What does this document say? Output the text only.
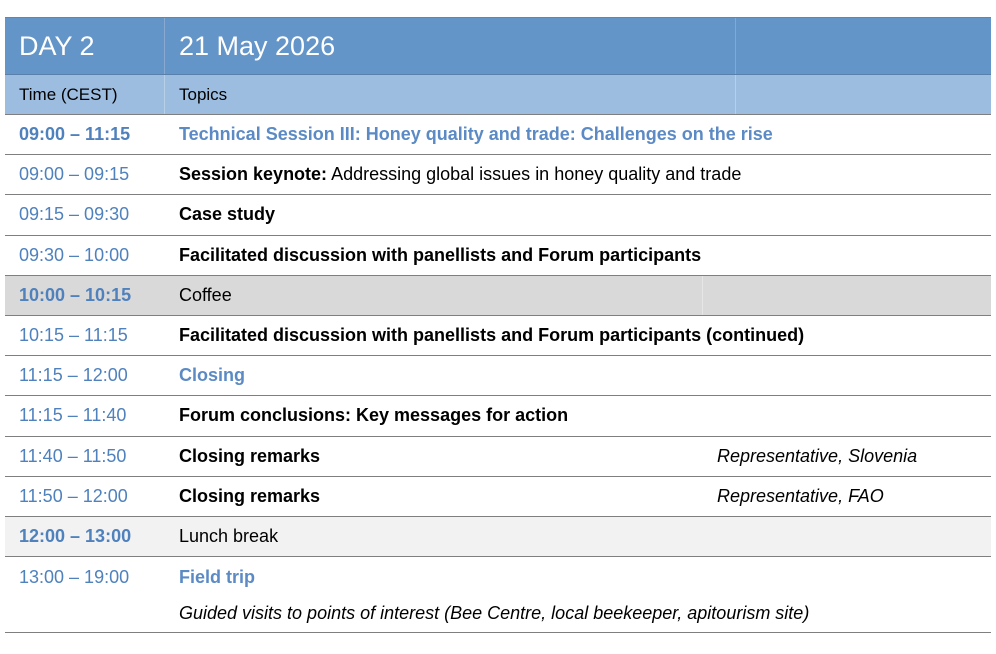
DAY 2	21 May 2026
Time (CEST)	Topics
09:00 – 11:15	Technical Session III: Honey quality and trade: Challenges on the rise
09:00 – 09:15	Session keynote: Addressing global issues in honey quality and trade
09:15 – 09:30	Case study
09:30 – 10:00	Facilitated discussion with panellists and Forum participants
10:00 – 10:15	Coffee
10:15 – 11:15	Facilitated discussion with panellists and Forum participants (continued)
11:15 – 12:00	Closing
11:15 – 11:40	Forum conclusions: Key messages for action
11:40 – 11:50	Closing remarks	Representative, Slovenia
11:50 – 12:00	Closing remarks	Representative, FAO
12:00 – 13:00	Lunch break
13:00 – 19:00	Field trip
Guided visits to points of interest (Bee Centre, local beekeeper, apitourism site)
